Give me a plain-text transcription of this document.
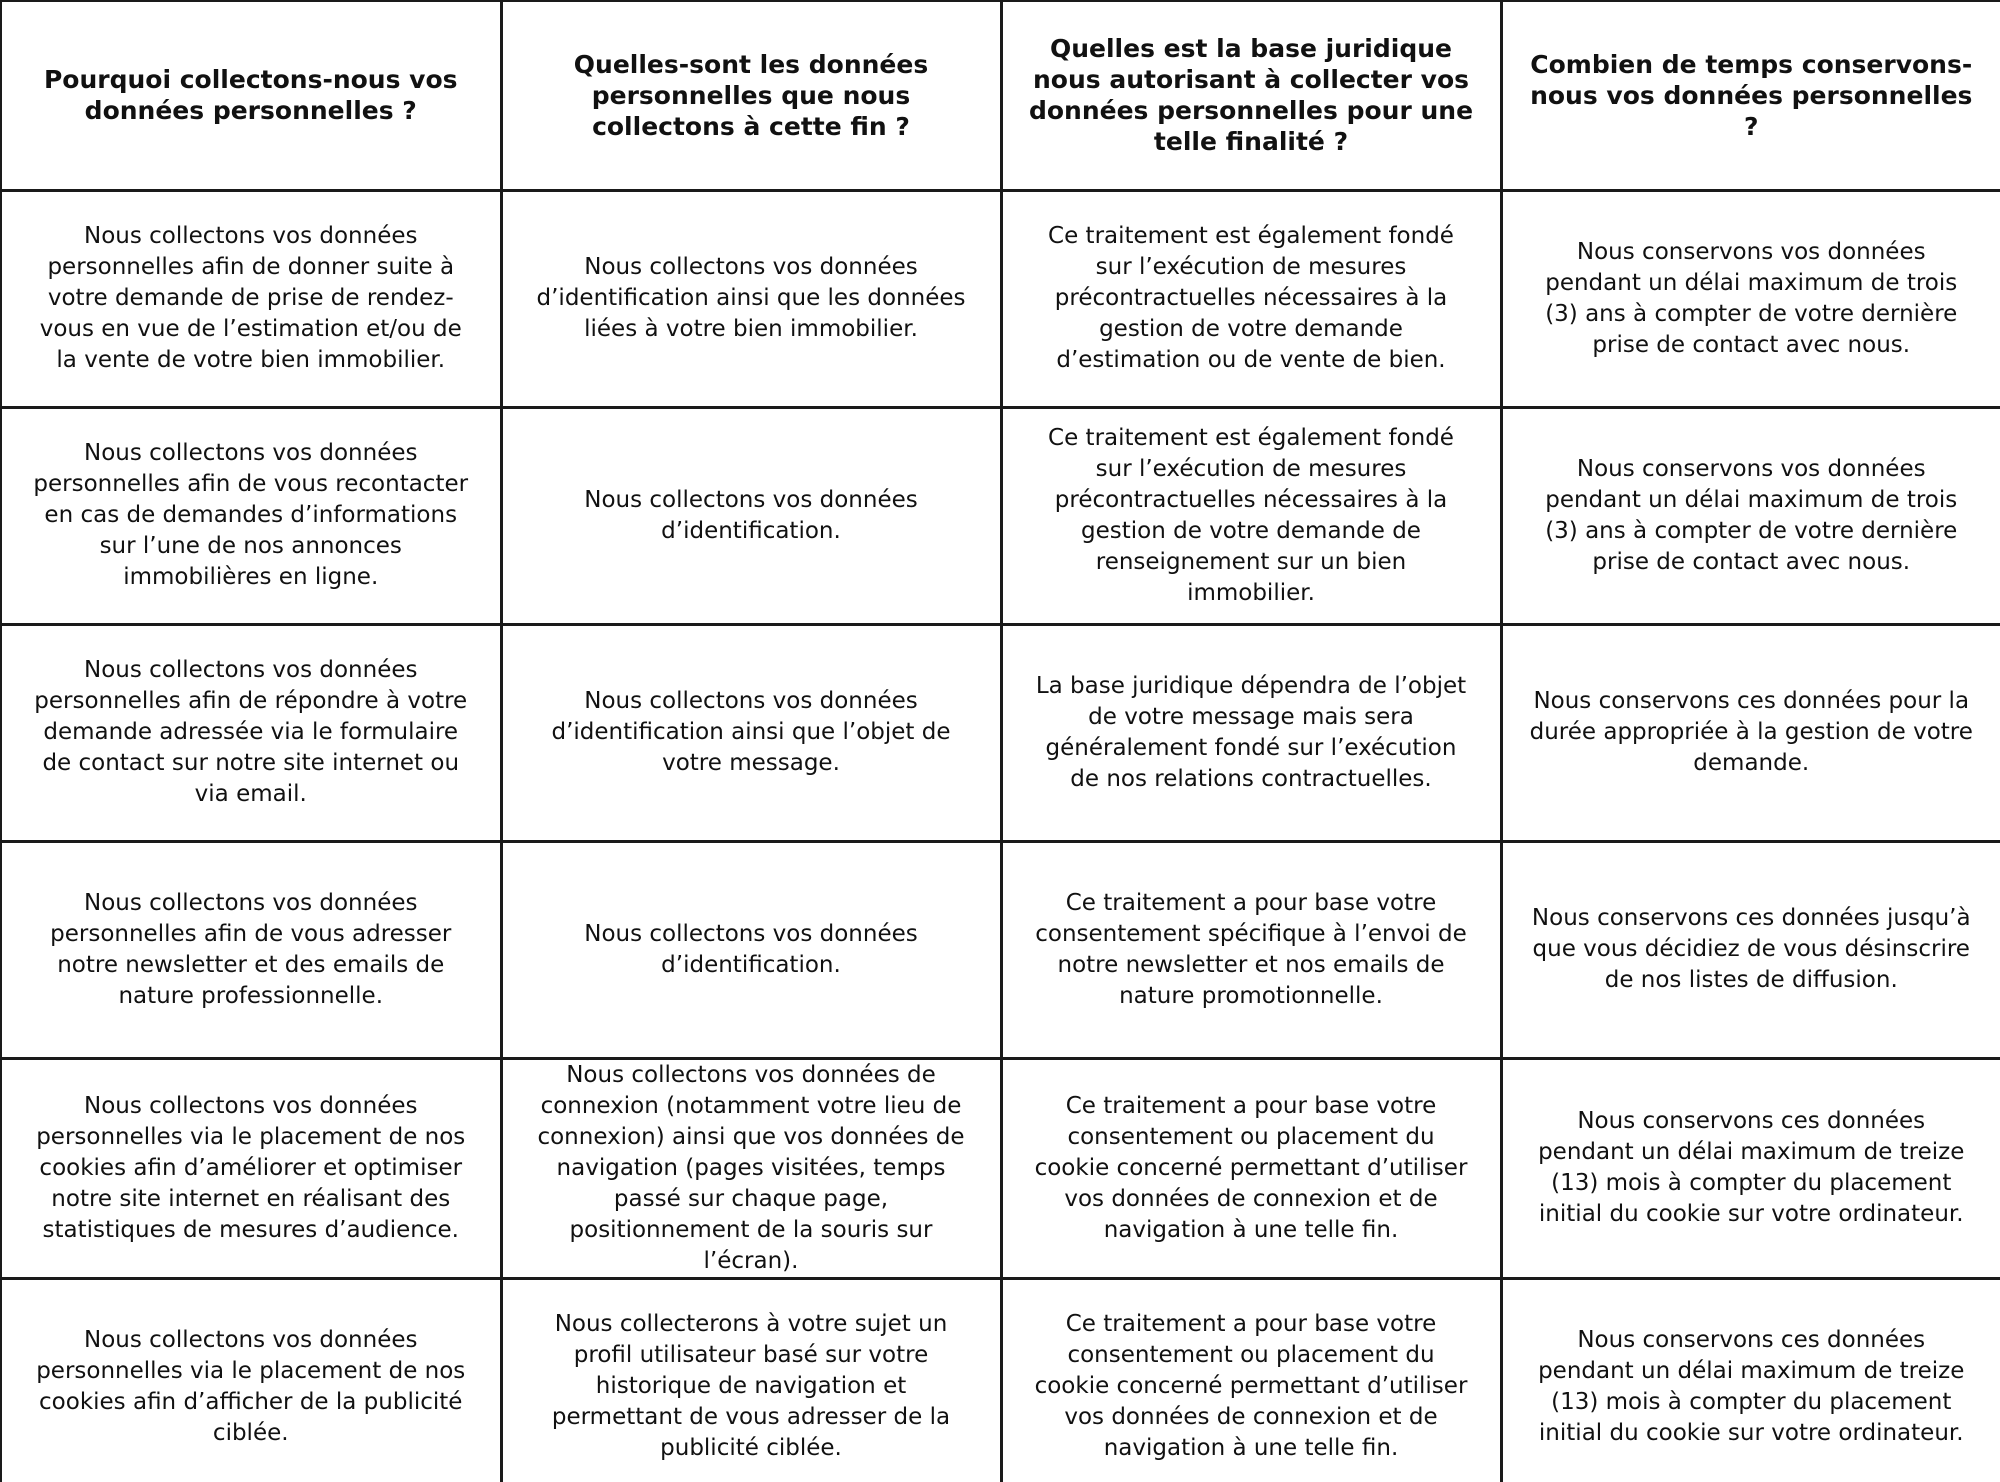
Pourquoi collectons-nous vos données personnelles ?	Quelles-sont les données personnelles que nous collectons à cette fin ?	Quelles est la base juridique nous autorisant à collecter vos données personnelles pour une telle finalité ?	Combien de temps conservons-nous vos données personnelles ?
Nous collectons vos données personnelles afin de donner suite à votre demande de prise de rendez-vous en vue de l’estimation et/ou de la vente de votre bien immobilier.	Nous collectons vos données d’identification ainsi que les données liées à votre bien immobilier.	Ce traitement est également fondé sur l’exécution de mesures précontractuelles nécessaires à la gestion de votre demande d’estimation ou de vente de bien.	Nous conservons vos données pendant un délai maximum de trois (3) ans à compter de votre dernière prise de contact avec nous.
Nous collectons vos données personnelles afin de vous recontacter en cas de demandes d’informations sur l’une de nos annonces immobilières en ligne.	Nous collectons vos données d’identification.	Ce traitement est également fondé sur l’exécution de mesures précontractuelles nécessaires à la gestion de votre demande de renseignement sur un bien immobilier.	Nous conservons vos données pendant un délai maximum de trois (3) ans à compter de votre dernière prise de contact avec nous.
Nous collectons vos données personnelles afin de répondre à votre demande adressée via le formulaire de contact sur notre site internet ou via email.	Nous collectons vos données d’identification ainsi que l’objet de votre message.	La base juridique dépendra de l’objet de votre message mais sera généralement fondé sur l’exécution de nos relations contractuelles.	Nous conservons ces données pour la durée appropriée à la gestion de votre demande.
Nous collectons vos données personnelles afin de vous adresser notre newsletter et des emails de nature professionnelle.	Nous collectons vos données d’identification.	Ce traitement a pour base votre consentement spécifique à l’envoi de notre newsletter et nos emails de nature promotionnelle.	Nous conservons ces données jusqu’à que vous décidiez de vous désinscrire de nos listes de diffusion.
Nous collectons vos données personnelles via le placement de nos cookies afin d’améliorer et optimiser notre site internet en réalisant des statistiques de mesures d’audience.	Nous collectons vos données de connexion (notamment votre lieu de connexion) ainsi que vos données de navigation (pages visitées, temps passé sur chaque page, positionnement de la souris sur l’écran).	Ce traitement a pour base votre consentement ou placement du cookie concerné permettant d’utiliser vos données de connexion et de navigation à une telle fin.	Nous conservons ces données pendant un délai maximum de treize (13) mois à compter du placement initial du cookie sur votre ordinateur.
Nous collectons vos données personnelles via le placement de nos cookies afin d’afficher de la publicité ciblée.	Nous collecterons à votre sujet un profil utilisateur basé sur votre historique de navigation et permettant de vous adresser de la publicité ciblée.	Ce traitement a pour base votre consentement ou placement du cookie concerné permettant d’utiliser vos données de connexion et de navigation à une telle fin.	Nous conservons ces données pendant un délai maximum de treize (13) mois à compter du placement initial du cookie sur votre ordinateur.
